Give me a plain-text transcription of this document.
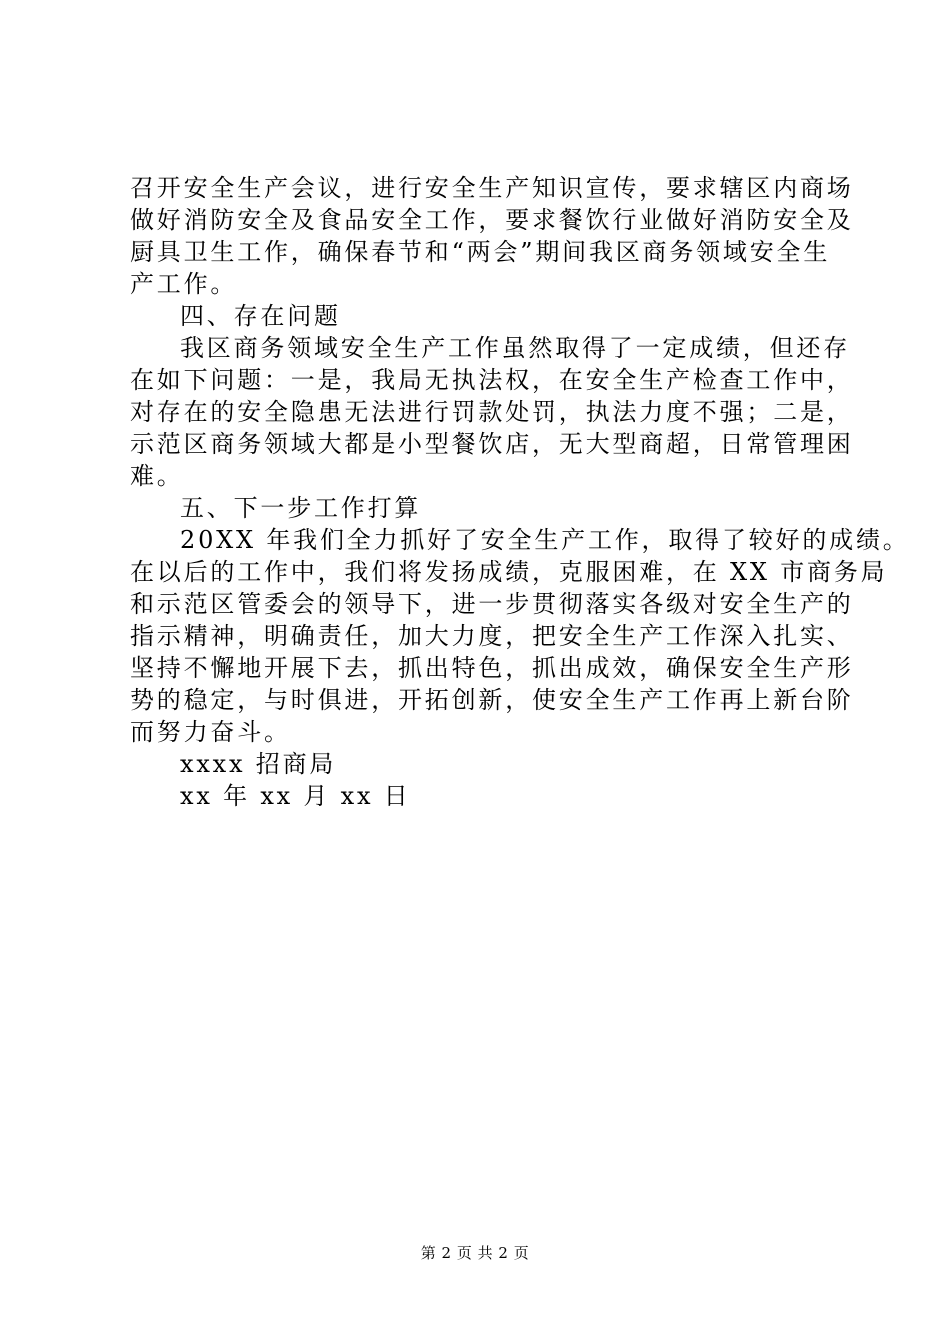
召开安全生产会议，进行安全生产知识宣传，要求辖区内商场
做好消防安全及食品安全工作，要求餐饮行业做好消防安全及
厨具卫生工作，确保春节和“两会”期间我区商务领域安全生
产工作。
四、存在问题
我区商务领域安全生产工作虽然取得了一定成绩，但还存
在如下问题：一是，我局无执法权，在安全生产检查工作中，
对存在的安全隐患无法进行罚款处罚，执法力度不强；二是，
示范区商务领域大都是小型餐饮店，无大型商超，日常管理困
难。
五、下一步工作打算
20XX 年我们全力抓好了安全生产工作，取得了较好的成绩。
在以后的工作中，我们将发扬成绩，克服困难，在 XX 市商务局
和示范区管委会的领导下，进一步贯彻落实各级对安全生产的
指示精神，明确责任，加大力度，把安全生产工作深入扎实、
坚持不懈地开展下去，抓出特色，抓出成效，确保安全生产形
势的稳定，与时俱进，开拓创新，使安全生产工作再上新台阶
而努力奋斗。
xxxx 招商局
xx 年 xx 月 xx 日
第 2 页 共 2 页
